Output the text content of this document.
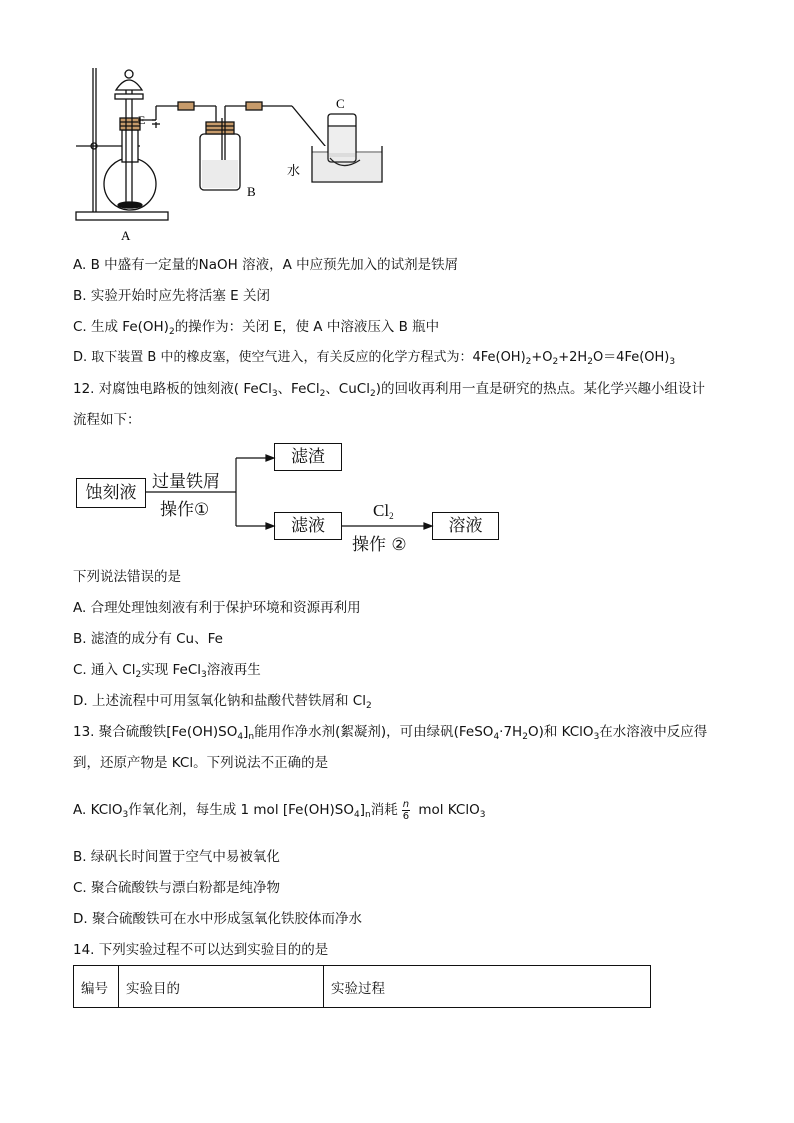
A
B
C
E
水
A. B 中盛有一定量的NaOH 溶液，A 中应预先加入的试剂是铁屑
B. 实验开始时应先将活塞 E 关闭
C. 生成 $Fe(OH)_2$的操作为：关闭 E，使 A 中溶液压入 B 瓶中
D. 取下装置 B 中的橡皮塞，使空气进入，有关反应的化学方程式为：$4Fe(OH)_2+O_2+2H_2O=4Fe(OH)_3$
12. 对腐蚀电路板的蚀刻液( FeCl$_3$、FeCl$_2$、CuCl$_2$)的回收再利用一直是研究的热点。某化学兴趣小组设计
流程如下：
蚀刻液
过量铁屑
操作①
滤渣
滤液
$Cl_2$
操作 ②
溶液
下列说法错误的是
A. 合理处理蚀刻液有利于保护环境和资源再利用
B. 滤渣的成分有 Cu、Fe
C. 通入 $Cl_2$实现 FeCl$_3$溶液再生
D. 上述流程中可用氢氧化钠和盐酸代替铁屑和 $Cl_2$
13. 聚合硫酸铁$[Fe(OH)SO_4]_n$能用作净水剂(絮凝剂)，可由绿矾$(FeSO_4\cdot 7H_2O)$和 KClO$_3$在水溶液中反应得
到，还原产物是 KCl。下列说法不正确的是
A. KClO$_3$作氧化剂，每生成 1 mol $[Fe(OH)SO_4]_n$消耗 $\frac{n}{6}$ mol KClO$_3$
B. 绿矾长时间置于空气中易被氧化
C. 聚合硫酸铁与漂白粉都是纯净物
D. 聚合硫酸铁可在水中形成氢氧化铁胶体而净水
14. 下列实验过程不可以达到实验目的的是
编号	实验目的	实验过程
